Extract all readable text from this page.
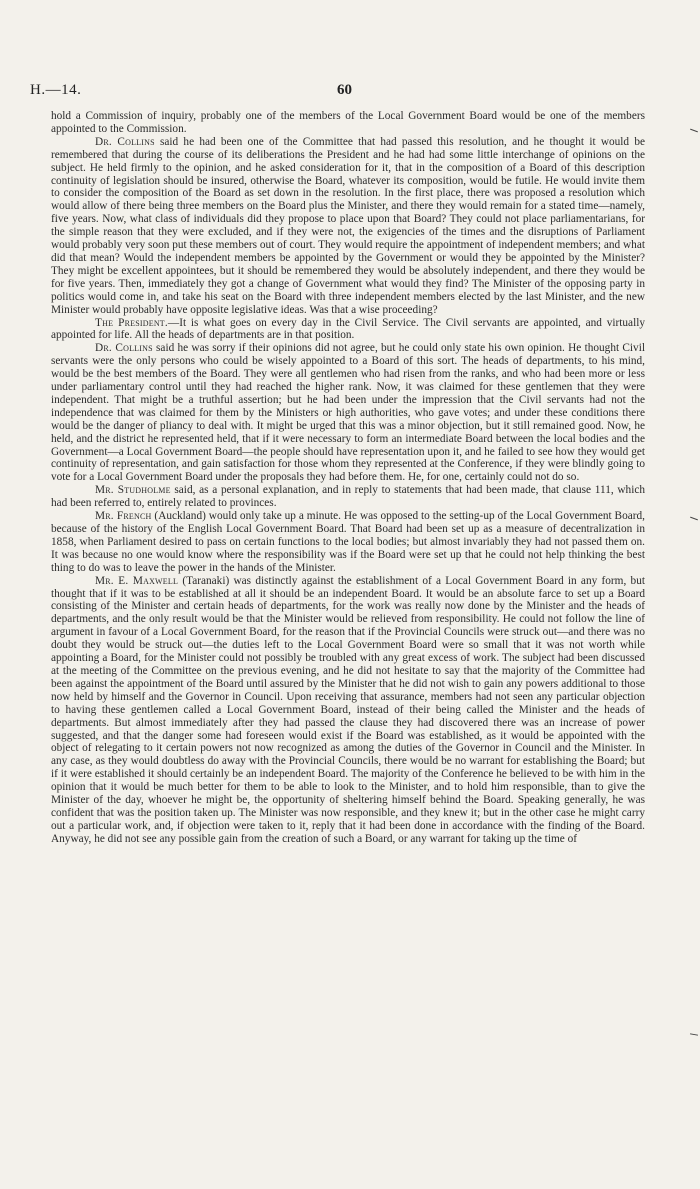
H.—14.	60

hold a Commission of inquiry, probably one of the members of the Local Government Board would be one of the members appointed to the Commission.

Dr. Collins said he had been one of the Committee that had passed this resolution, and he thought it would be remembered that during the course of its deliberations the President and he had had some little interchange of opinions on the subject. He held firmly to the opinion, and he asked consideration for it, that in the composition of a Board of this description continuity of legislation should be insured, otherwise the Board, whatever its composition, would be futile. He would invite them to consider the composition of the Board as set down in the resolution. In the first place, there was proposed a resolution which would allow of there being three members on the Board plus the Minister, and there they would remain for a stated time—namely, five years. Now, what class of individuals did they propose to place upon that Board? They could not place parliamentarians, for the simple reason that they were excluded, and if they were not, the exigencies of the times and the disruptions of Parliament would probably very soon put these members out of court. They would require the appointment of independent members; and what did that mean? Would the independent members be appointed by the Government or would they be appointed by the Minister? They might be excellent appointees, but it should be remembered they would be absolutely independent, and there they would be for five years. Then, immediately they got a change of Government what would they find? The Minister of the opposing party in politics would come in, and take his seat on the Board with three independent members elected by the last Minister, and the new Minister would probably have opposite legislative ideas. Was that a wise proceeding?

The President.—It is what goes on every day in the Civil Service. The Civil servants are appointed, and virtually appointed for life. All the heads of departments are in that position.

Dr. Collins said he was sorry if their opinions did not agree, but he could only state his own opinion. He thought Civil servants were the only persons who could be wisely appointed to a Board of this sort. The heads of departments, to his mind, would be the best members of the Board. They were all gentlemen who had risen from the ranks, and who had been more or less under parliamentary control until they had reached the higher rank. Now, it was claimed for these gentlemen that they were independent. That might be a truthful assertion; but he had been under the impression that the Civil servants had not the independence that was claimed for them by the Ministers or high authorities, who gave votes; and under these conditions there would be the danger of pliancy to deal with. It might be urged that this was a minor objection, but it still remained good. Now, he held, and the district he represented held, that if it were necessary to form an intermediate Board between the local bodies and the Government—a Local Government Board—the people should have representation upon it, and he failed to see how they would get continuity of representation, and gain satisfaction for those whom they represented at the Conference, if they were blindly going to vote for a Local Government Board under the proposals they had before them. He, for one, certainly could not do so.

Mr. Studholme said, as a personal explanation, and in reply to statements that had been made, that clause 111, which had been referred to, entirely related to provinces.

Mr. French (Auckland) would only take up a minute. He was opposed to the setting-up of the Local Government Board, because of the history of the English Local Government Board. That Board had been set up as a measure of decentralization in 1858, when Parliament desired to pass on certain functions to the local bodies; but almost invariably they had not passed them on. It was because no one would know where the responsibility was if the Board were set up that he could not help thinking the best thing to do was to leave the power in the hands of the Minister.

Mr. E. Maxwell (Taranaki) was distinctly against the establishment of a Local Government Board in any form, but thought that if it was to be established at all it should be an independent Board. It would be an absolute farce to set up a Board consisting of the Minister and certain heads of departments, for the work was really now done by the Minister and the heads of departments, and the only result would be that the Minister would be relieved from responsibility. He could not follow the line of argument in favour of a Local Government Board, for the reason that if the Provincial Councils were struck out—and there was no doubt they would be struck out—the duties left to the Local Government Board were so small that it was not worth while appointing a Board, for the Minister could not possibly be troubled with any great excess of work. The subject had been discussed at the meeting of the Committee on the previous evening, and he did not hesitate to say that the majority of the Committee had been against the appointment of the Board until assured by the Minister that he did not wish to gain any powers additional to those now held by himself and the Governor in Council. Upon receiving that assurance, members had not seen any particular objection to having these gentlemen called a Local Government Board, instead of their being called the Minister and the heads of departments. But almost immediately after they had passed the clause they had discovered there was an increase of power suggested, and that the danger some had foreseen would exist if the Board was established, as it would be appointed with the object of relegating to it certain powers not now recognized as among the duties of the Governor in Council and the Minister. In any case, as they would doubtless do away with the Provincial Councils, there would be no warrant for establishing the Board; but if it were established it should certainly be an independent Board. The majority of the Conference he believed to be with him in the opinion that it would be much better for them to be able to look to the Minister, and to hold him responsible, than to give the Minister of the day, whoever he might be, the opportunity of sheltering himself behind the Board. Speaking generally, he was confident that was the position taken up. The Minister was now responsible, and they knew it; but in the other case he might carry out a particular work, and, if objection were taken to it, reply that it had been done in accordance with the finding of the Board. Anyway, he did not see any possible gain from the creation of such a Board, or any warrant for taking up the time of
